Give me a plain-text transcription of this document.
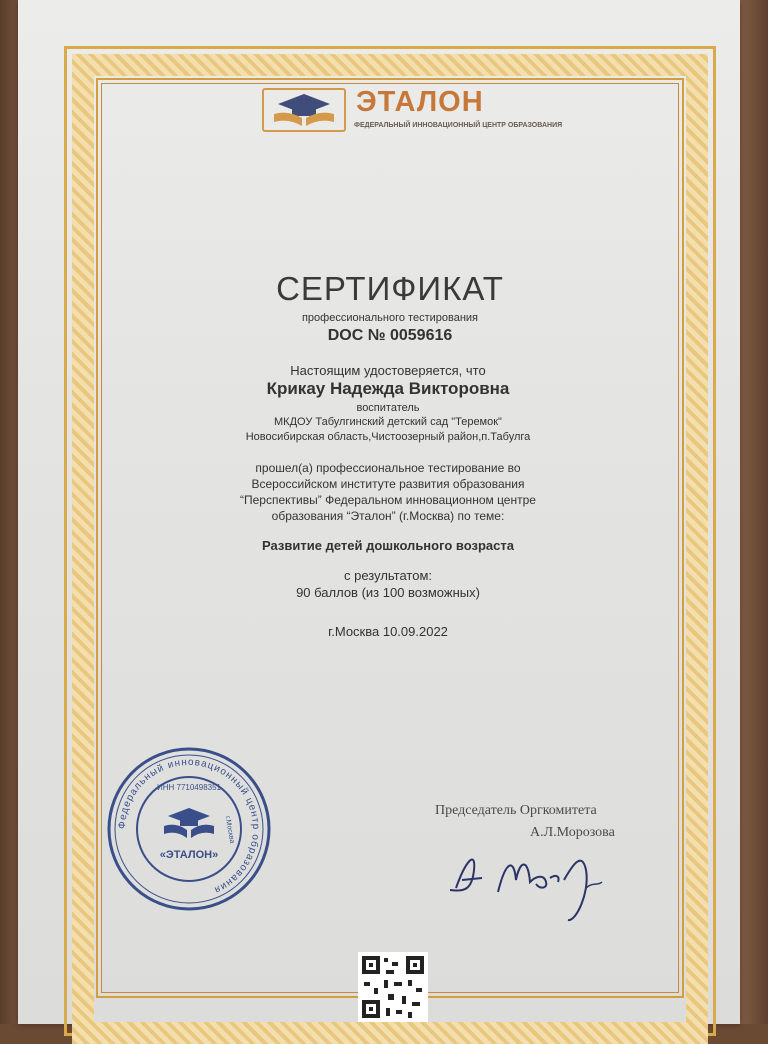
ЭТАЛОН
ФЕДЕРАЛЬНЫЙ ИННОВАЦИОННЫЙ ЦЕНТР ОБРАЗОВАНИЯ
СЕРТИФИКАТ
профессионального тестирования
DOC № 0059616
Настоящим удостоверяется, что
Крикау Надежда Викторовна
воспитатель
МКДОУ Табулгинский детский сад "Теремок"
Новосибирская область,Чистоозерный район,п.Табулга
прошел(а) профессиональное тестирование во
Всероссийском институте развития образования
“Перспективы” Федеральном инновационном центре
образования “Эталон” (г.Москва) по теме:
Развитие детей дошкольного возраста
с результатом:
90 баллов (из 100 возможных)
г.Москва 10.09.2022
Председатель Оргкомитета
А.Л.Морозова
Федеральный инновационный центр образования
ИНН 7710498351
г.Москва
«ЭТАЛОН»
